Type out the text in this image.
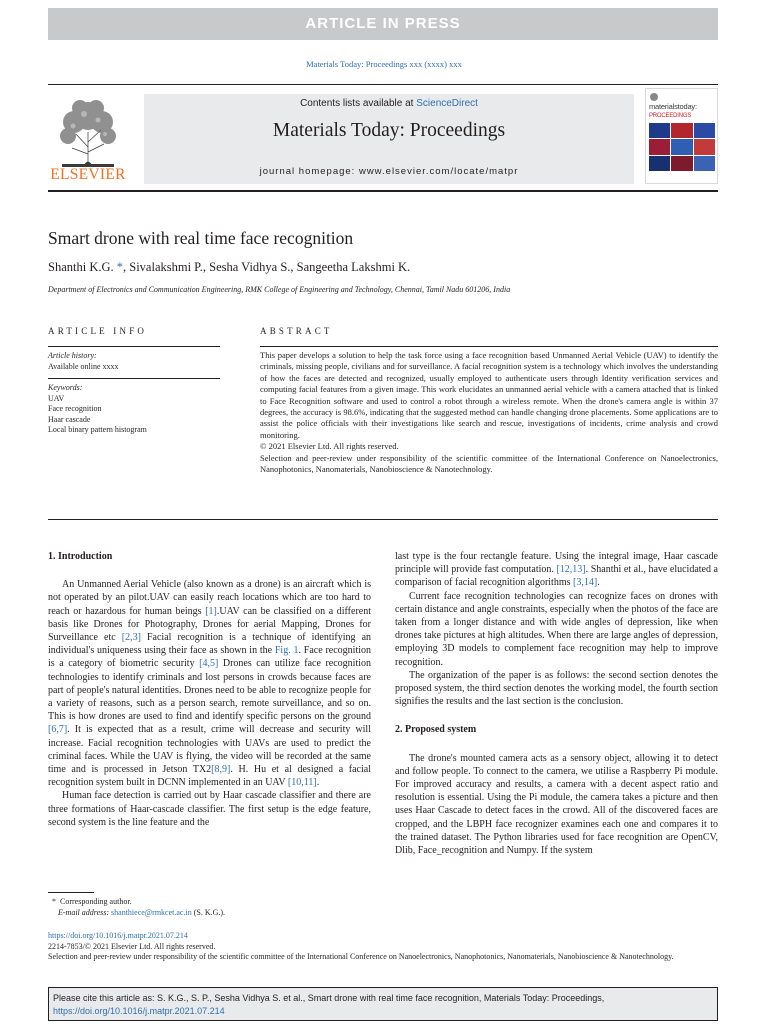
ARTICLE IN PRESS
Materials Today: Proceedings xxx (xxxx) xxx
ELSEVIER
Contents lists available at ScienceDirect
Materials Today: Proceedings
journal homepage: www.elsevier.com/locate/matpr
materialstoday:
PROCEEDINGS
Smart drone with real time face recognition
Shanthi K.G. *, Sivalakshmi P., Sesha Vidhya S., Sangeetha Lakshmi K.
Department of Electronics and Communication Engineering, RMK College of Engineering and Technology, Chennai, Tamil Nadu 601206, India
ARTICLE INFO
Article history:
Available online xxxx
Keywords:
UAV
Face recognition
Haar cascade
Local binary pattern histogram
ABSTRACT
This paper develops a solution to help the task force using a face recognition based Unmanned Aerial Vehicle (UAV) to identify the criminals, missing people, civilians and for surveillance. A facial recognition system is a technology which involves the understanding of how the faces are detected and recognized, usually employed to authenticate users through Identity verification services and computing facial features from a given image. This work elucidates an unmanned aerial vehicle with a camera attached that is linked to Face Recognition software and used to control a robot through a wireless remote. When the drone's camera angle is within 37 degrees, the accuracy is 98.6%, indicating that the suggested method can handle changing drone placements. Some applications are to assist the police officials with their investigations like search and rescue, investigations of incidents, crime analysis and crowd monitoring.
© 2021 Elsevier Ltd. All rights reserved.
Selection and peer-review under responsibility of the scientific committee of the International Conference on Nanoelectronics, Nanophotonics, Nanomaterials, Nanobioscience & Nanotechnology.
1. Introduction

An Unmanned Aerial Vehicle (also known as a drone) is an aircraft which is not operated by an pilot.UAV can easily reach locations which are too hard to reach or hazardous for human beings [1].UAV can be classified on a different basis like Drones for Photography, Drones for aerial Mapping, Drones for Surveillance etc [2,3] Facial recognition is a technique of identifying an individual's uniqueness using their face as shown in the Fig. 1. Face recognition is a category of biometric security [4,5] Drones can utilize face recognition technologies to identify criminals and lost persons in crowds because faces are part of people's natural identities. Drones need to be able to recognize people for a variety of reasons, such as a person search, remote surveillance, and so on. This is how drones are used to find and identify specific persons on the ground [6,7]. It is expected that as a result, crime will decrease and security will increase. Facial recognition technologies with UAVs are used to predict the criminal faces. While the UAV is flying, the video will be recorded at the same time and is processed in Jetson TX2[8,9]. H. Hu et al designed a facial recognition system built in DCNN implemented in an UAV [10,11].

Human face detection is carried out by Haar cascade classifier and there are three formations of Haar-cascade classifier. The first setup is the edge feature, second system is the line feature and the

last type is the four rectangle feature. Using the integral image, Haar cascade principle will provide fast computation. [12,13]. Shanthi et al., have elucidated a comparison of facial recognition algorithms [3,14].

Current face recognition technologies can recognize faces on drones with certain distance and angle constraints, especially when the photos of the face are taken from a longer distance and with wide angles of depression, like when drones take pictures at high altitudes. When there are large angles of depression, employing 3D models to complement face recognition may help to improve recognition.

The organization of the paper is as follows: the second section denotes the proposed system, the third section denotes the working model, the fourth section signifies the results and the last section is the conclusion.

2. Proposed system

The drone's mounted camera acts as a sensory object, allowing it to detect and follow people. To connect to the camera, we utilise a Raspberry Pi module. For improved accuracy and results, a camera with a decent aspect ratio and resolution is essential. Using the Pi module, the camera takes a picture and then uses Haar Cascade to detect faces in the crowd. All of the discovered faces are cropped, and the LBPH face recognizer examines each one and compares it to the trained dataset. The Python libraries used for face recognition are OpenCV, Dlib, Face_recognition and Numpy. If the system

* Corresponding author.
E-mail address: shanthiece@rmkcet.ac.in (S. K.G.).
https://doi.org/10.1016/j.matpr.2021.07.214
2214-7853/© 2021 Elsevier Ltd. All rights reserved.
Selection and peer-review under responsibility of the scientific committee of the International Conference on Nanoelectronics, Nanophotonics, Nanomaterials, Nanobioscience & Nanotechnology.
Please cite this article as: S. K.G., S. P., Sesha Vidhya S. et al., Smart drone with real time face recognition, Materials Today: Proceedings, https://doi.org/10.1016/j.matpr.2021.07.214
